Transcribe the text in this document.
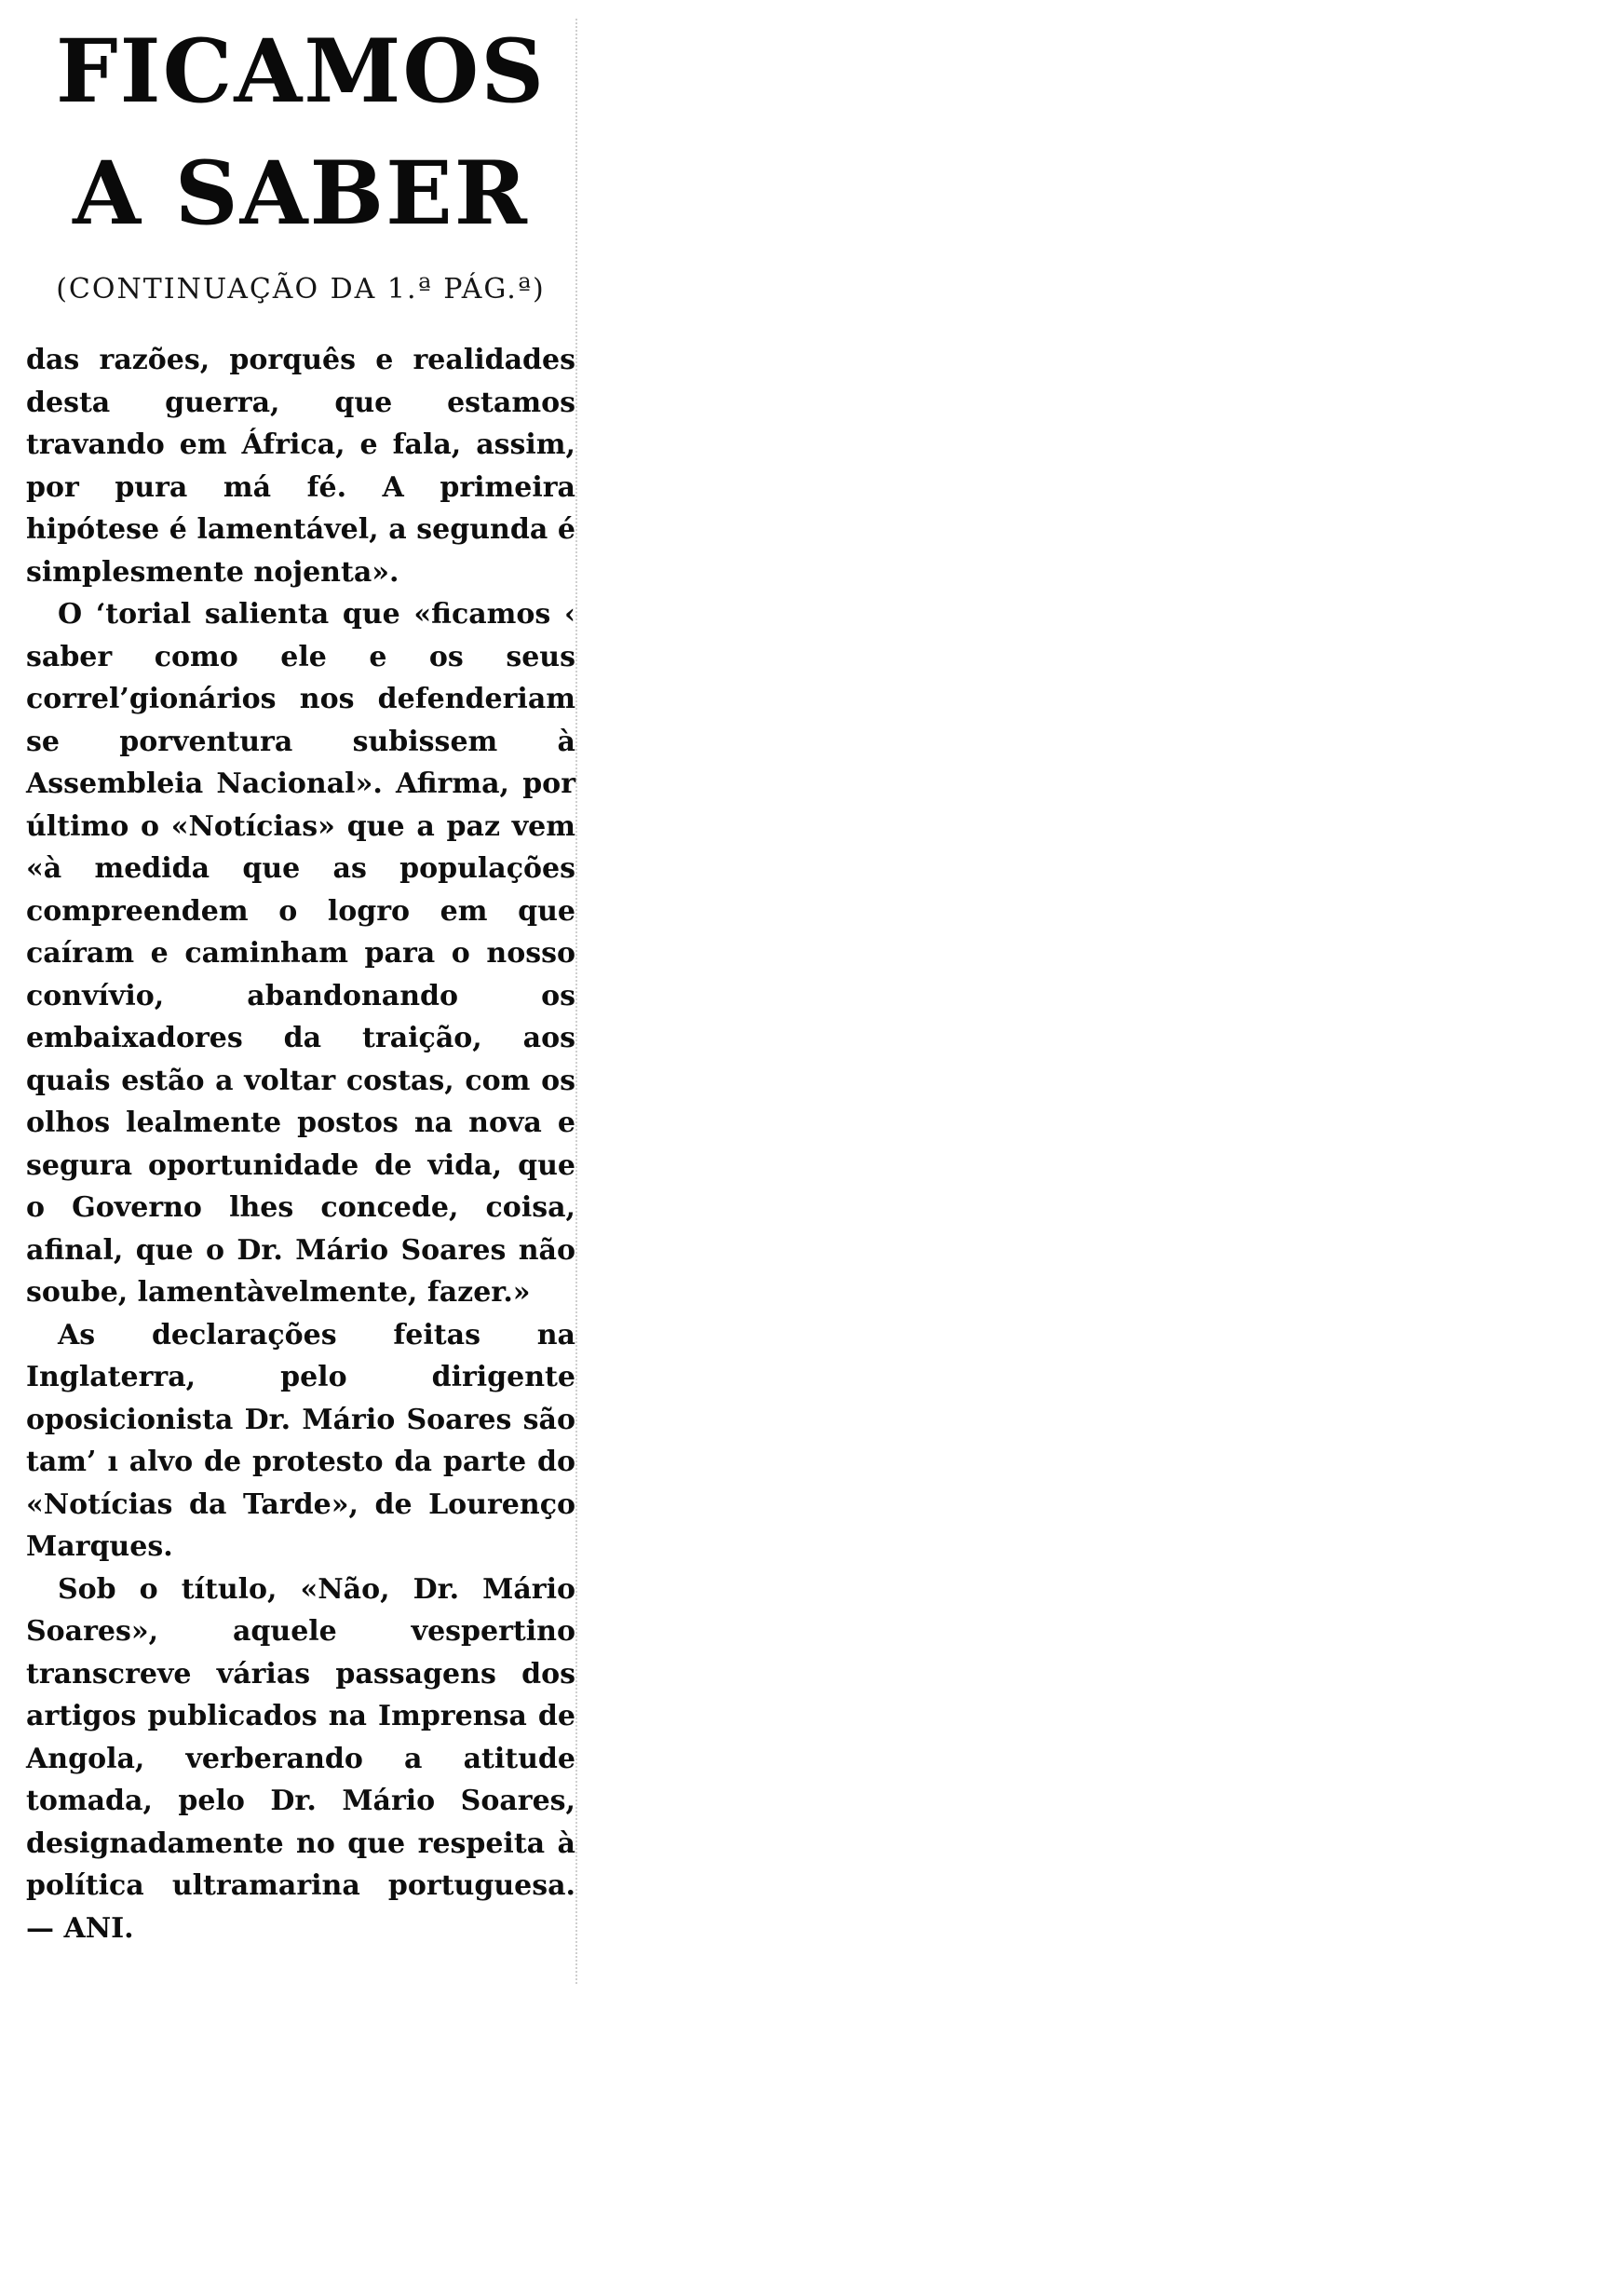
FICAMOS
A SABER
(CONTINUAÇÃO DA 1.ª PÁG.ª)

das razões, porquês e realidades desta guerra, que estamos travando em África, e fala, assim, por pura má fé. A primeira hipótese é lamentável, a segunda é simplesmente nojenta».

O ‘torial salienta que «ficamos ‹ saber como ele e os seus correl’gionários nos defenderiam se porventura subissem à Assembleia Nacional». Afirma, por último o «Notícias» que a paz vem «à medida que as populações compreendem o logro em que caíram e caminham para o nosso convívio, abandonando os embaixadores da traição, aos quais estão a voltar costas, com os olhos lealmente postos na nova e segura oportunidade de vida, que o Governo lhes concede, coisa, afinal, que o Dr. Mário Soares não soube, lamentàvelmente, fazer.»

As declarações feitas na Inglaterra, pelo dirigente oposicionista Dr. Mário Soares são tam’ ı alvo de protesto da parte do «Notícias da Tarde», de Lourenço Marques.

Sob o título, «Não, Dr. Mário Soares», aquele vespertino transcreve várias passagens dos artigos publicados na Imprensa de Angola, verberando a atitude tomada, pelo Dr. Mário Soares, designadamente no que respeita à política ultramarina portuguesa. — ANI.
